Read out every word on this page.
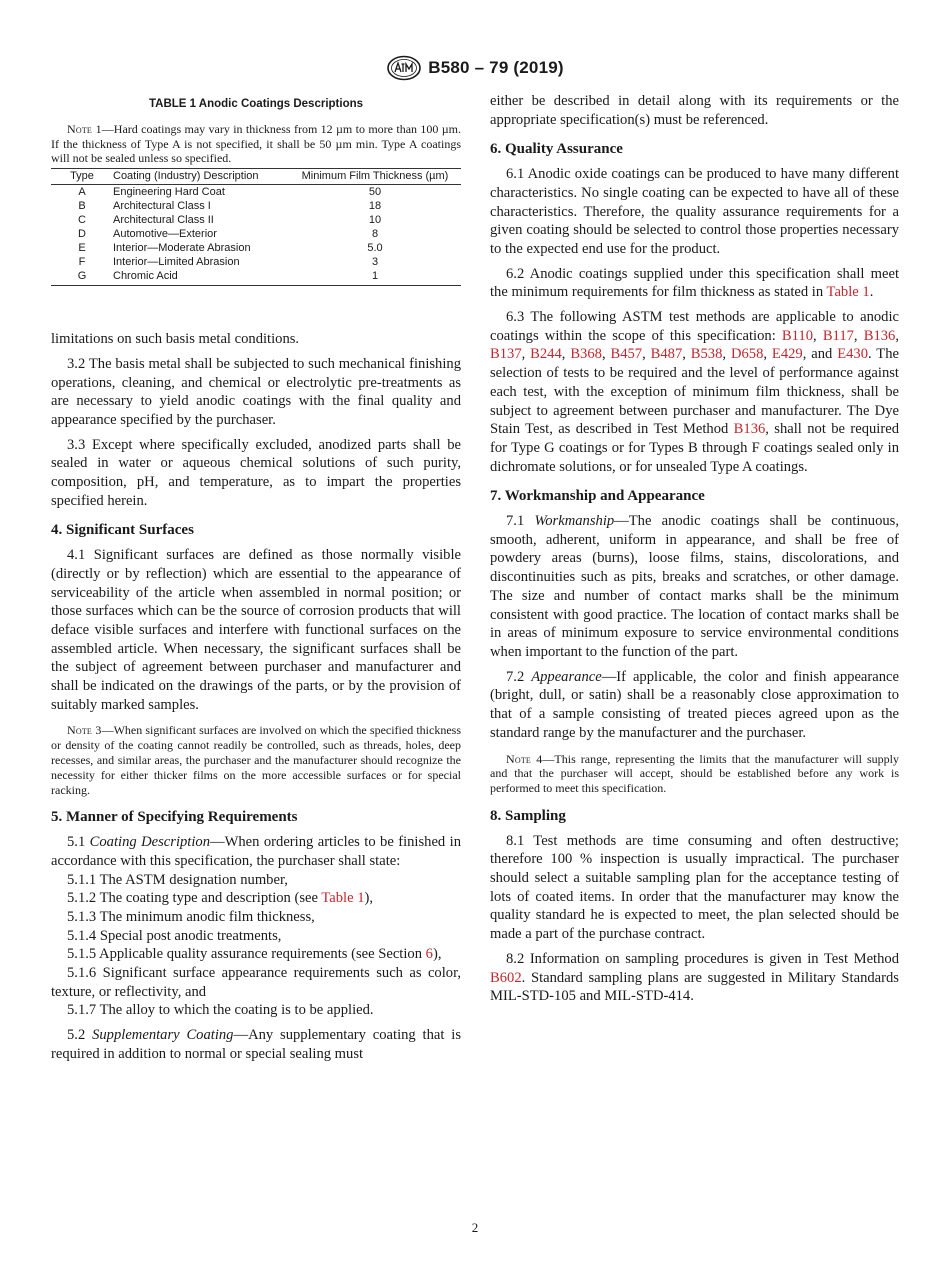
B580 – 79 (2019)
TABLE 1 Anodic Coatings Descriptions

Note 1—Hard coatings may vary in thickness from 12 µm to more than 100 µm. If the thickness of Type A is not specified, it shall be 50 µm min. Type A coatings will not be sealed unless so specified.

Type	Coating (Industry) Description	Minimum Film Thickness (µm)
A	Engineering Hard Coat	50
B	Architectural Class I	18
C	Architectural Class II	10
D	Automotive—Exterior	8
E	Interior—Moderate Abrasion	5.0
F	Interior—Limited Abrasion	3
G	Chromic Acid	1

limitations on such basis metal conditions.

3.2 The basis metal shall be subjected to such mechanical finishing operations, cleaning, and chemical or electrolytic pre-treatments as are necessary to yield anodic coatings with the final quality and appearance specified by the purchaser.

3.3 Except where specifically excluded, anodized parts shall be sealed in water or aqueous chemical solutions of such purity, composition, pH, and temperature, as to impart the properties specified herein.

4. Significant Surfaces

4.1 Significant surfaces are defined as those normally visible (directly or by reflection) which are essential to the appearance of serviceability of the article when assembled in normal position; or those surfaces which can be the source of corrosion products that will deface visible surfaces and interfere with functional surfaces on the assembled article. When necessary, the significant surfaces shall be the subject of agreement between purchaser and manufacturer and shall be indicated on the drawings of the parts, or by the provision of suitably marked samples.

Note 3—When significant surfaces are involved on which the specified thickness or density of the coating cannot readily be controlled, such as threads, holes, deep recesses, and similar areas, the purchaser and the manufacturer should recognize the necessity for either thicker films on the more accessible surfaces or for special racking.

5. Manner of Specifying Requirements

5.1 Coating Description—When ordering articles to be finished in accordance with this specification, the purchaser shall state:

5.1.1 The ASTM designation number,

5.1.2 The coating type and description (see Table 1),

5.1.3 The minimum anodic film thickness,

5.1.4 Special post anodic treatments,

5.1.5 Applicable quality assurance requirements (see Section 6),

5.1.6 Significant surface appearance requirements such as color, texture, or reflectivity, and

5.1.7 The alloy to which the coating is to be applied.

5.2 Supplementary Coating—Any supplementary coating that is required in addition to normal or special sealing must

either be described in detail along with its requirements or the appropriate specification(s) must be referenced.

6. Quality Assurance

6.1 Anodic oxide coatings can be produced to have many different characteristics. No single coating can be expected to have all of these characteristics. Therefore, the quality assurance requirements for a given coating should be selected to control those properties necessary to the expected end use for the product.

6.2 Anodic coatings supplied under this specification shall meet the minimum requirements for film thickness as stated in Table 1.

6.3 The following ASTM test methods are applicable to anodic coatings within the scope of this specification: B110, B117, B136, B137, B244, B368, B457, B487, B538, D658, E429, and E430. The selection of tests to be required and the level of performance against each test, with the exception of minimum film thickness, shall be subject to agreement between purchaser and manufacturer. The Dye Stain Test, as described in Test Method B136, shall not be required for Type G coatings or for Types B through F coatings sealed only in dichromate solutions, or for unsealed Type A coatings.

7. Workmanship and Appearance

7.1 Workmanship—The anodic coatings shall be continuous, smooth, adherent, uniform in appearance, and shall be free of powdery areas (burns), loose films, stains, discolorations, and discontinuities such as pits, breaks and scratches, or other damage. The size and number of contact marks shall be the minimum consistent with good practice. The location of contact marks shall be in areas of minimum exposure to service environmental conditions when important to the function of the part.

7.2 Appearance—If applicable, the color and finish appearance (bright, dull, or satin) shall be a reasonably close approximation to that of a sample consisting of treated pieces agreed upon as the standard range by the manufacturer and the purchaser.

Note 4—This range, representing the limits that the manufacturer will supply and that the purchaser will accept, should be established before any work is performed to meet this specification.

8. Sampling

8.1 Test methods are time consuming and often destructive; therefore 100 % inspection is usually impractical. The purchaser should select a suitable sampling plan for the acceptance testing of lots of coated items. In order that the manufacturer may know the quality standard he is expected to meet, the plan selected should be made a part of the purchase contract.

8.2 Information on sampling procedures is given in Test Method B602. Standard sampling plans are suggested in Military Standards MIL-STD-105 and MIL-STD-414.

2
